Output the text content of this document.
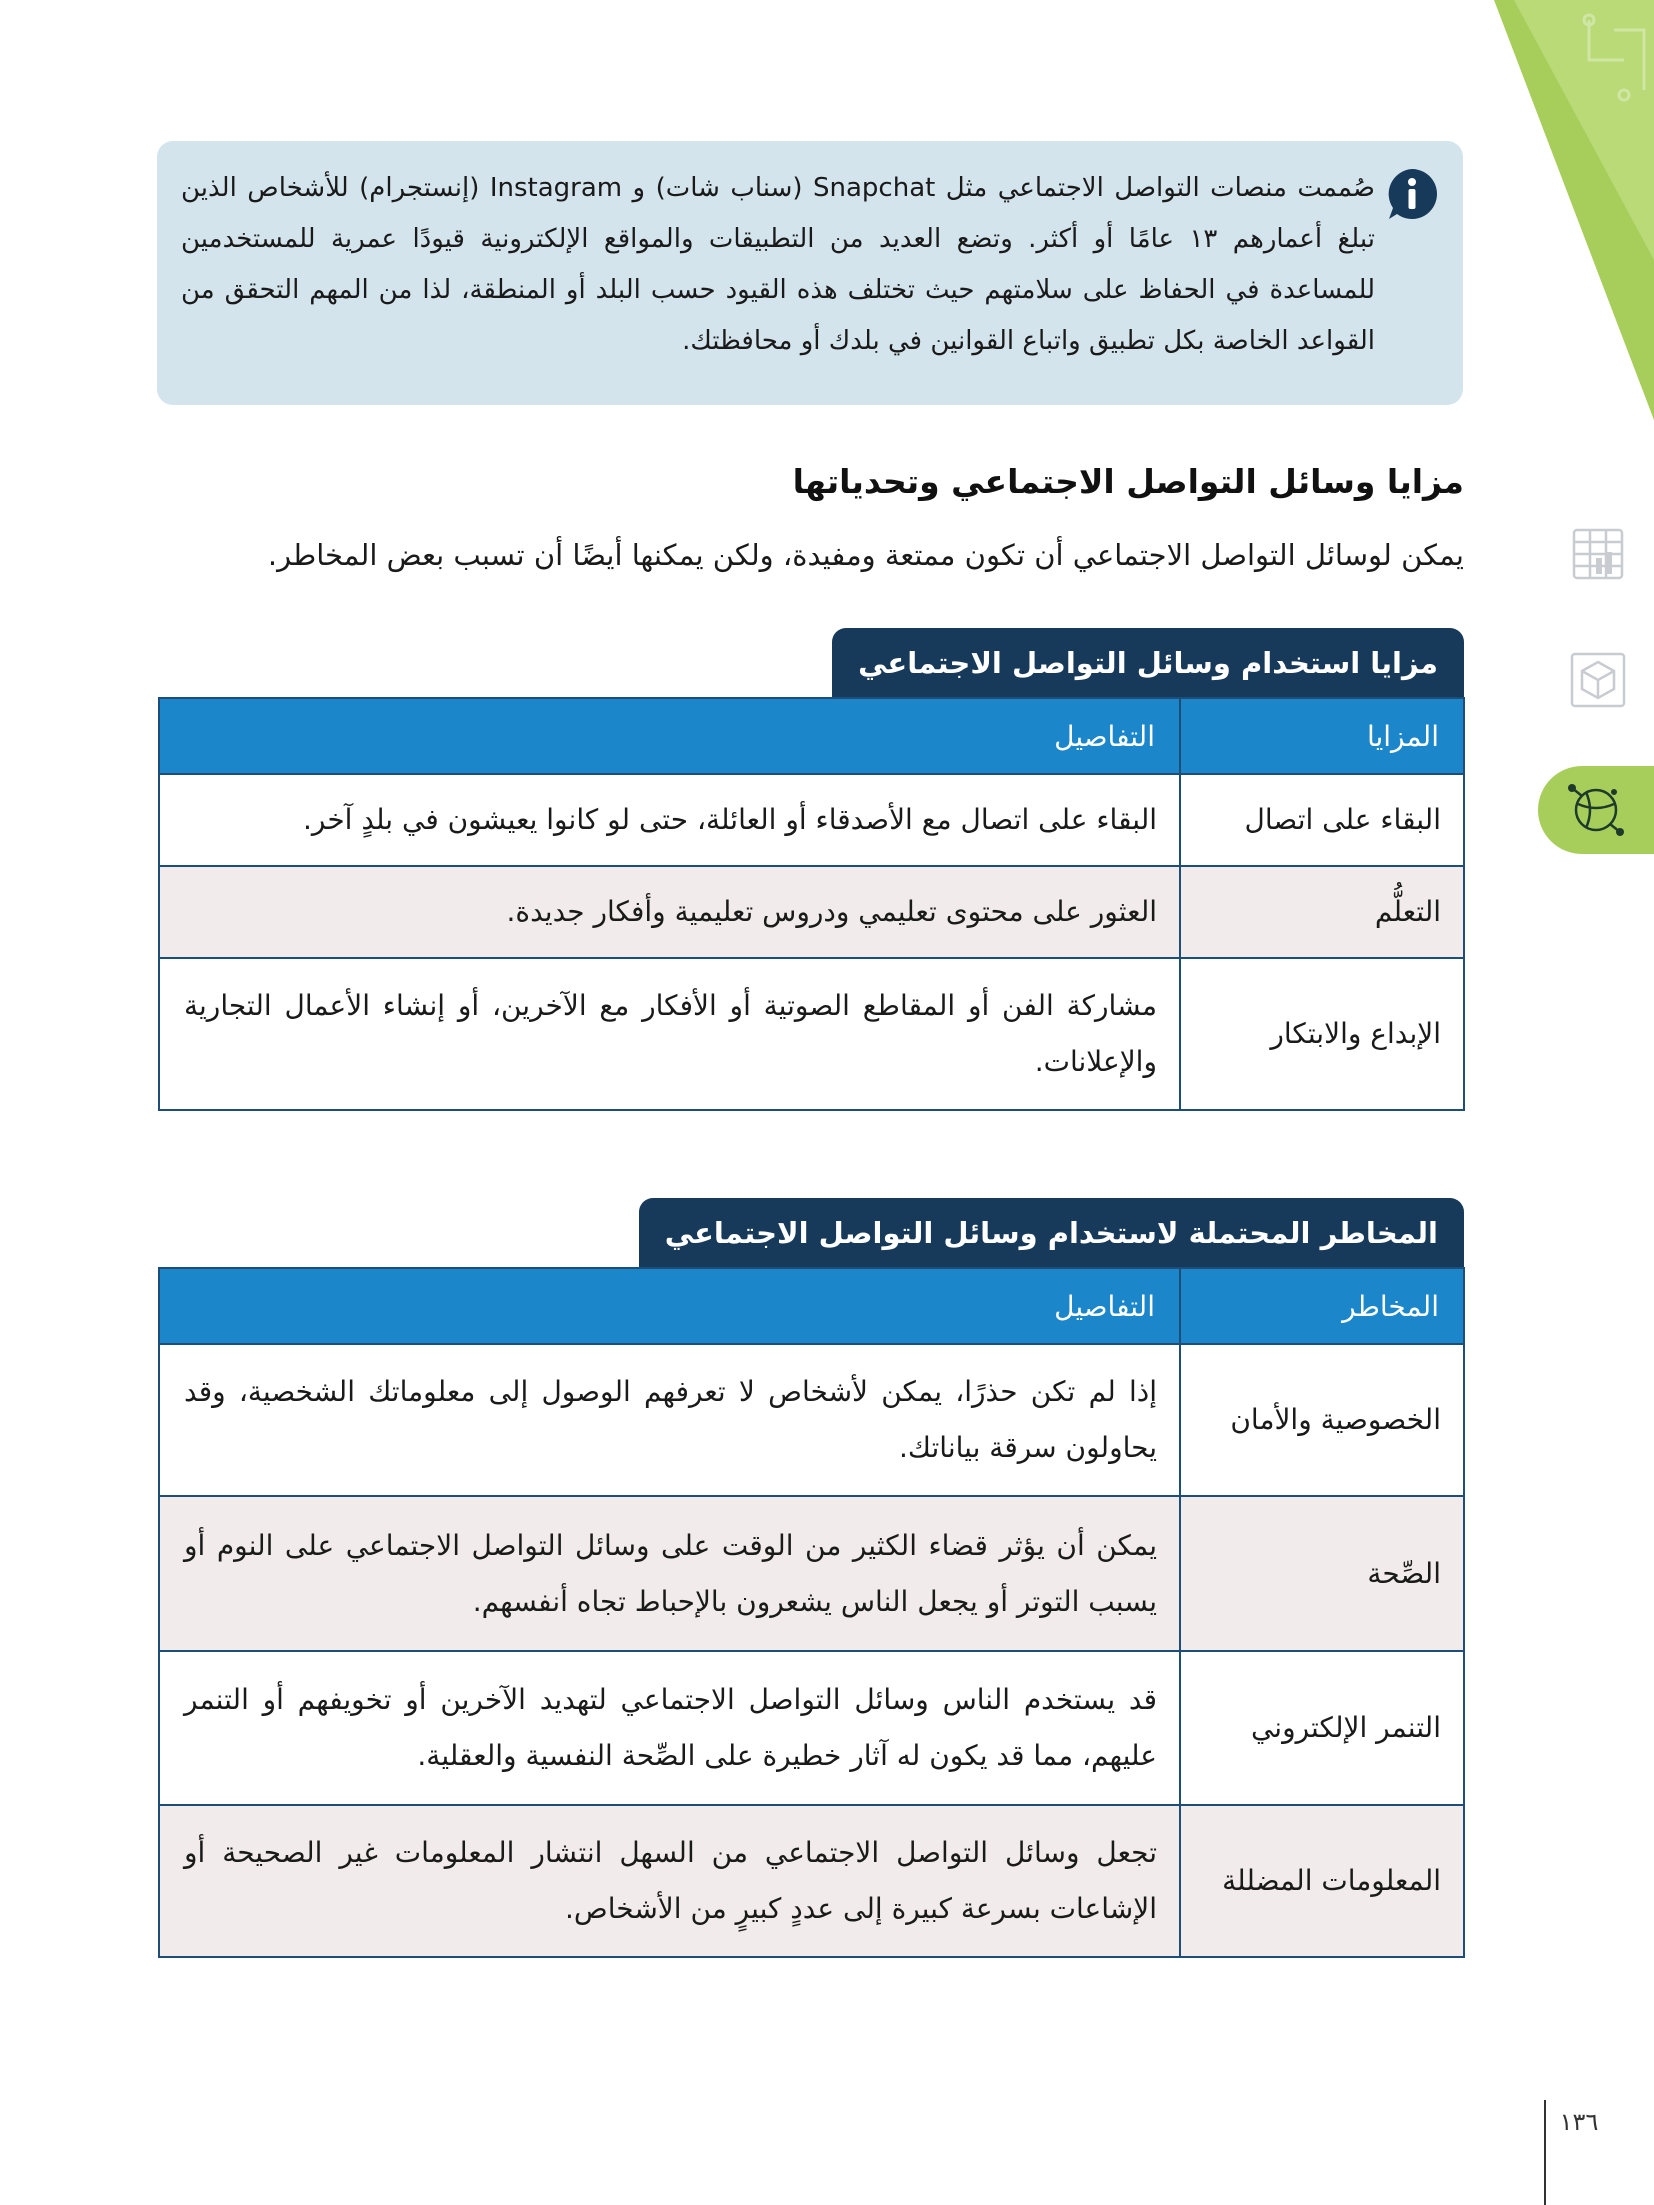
صُممت منصات التواصل الاجتماعي مثل Snapchat (سناب شات) و Instagram (إنستجرام) للأشخاص الذين تبلغ أعمارهم ١٣ عامًا أو أكثر. وتضع العديد من التطبيقات والمواقع الإلكترونية قيودًا عمرية للمستخدمين للمساعدة في الحفاظ على سلامتهم حيث تختلف هذه القيود حسب البلد أو المنطقة، لذا من المهم التحقق من القواعد الخاصة بكل تطبيق واتباع القوانين في بلدك أو محافظتك.

مزايا وسائل التواصل الاجتماعي وتحدياتها

يمكن لوسائل التواصل الاجتماعي أن تكون ممتعة ومفيدة، ولكن يمكنها أيضًا أن تسبب بعض المخاطر.

مزايا استخدام وسائل التواصل الاجتماعي
المزايا	التفاصيل
البقاء على اتصال	البقاء على اتصال مع الأصدقاء أو العائلة، حتى لو كانوا يعيشون في بلدٍ آخر.
التعلُّم	العثور على محتوى تعليمي ودروس تعليمية وأفكار جديدة.
الإبداع والابتكار	مشاركة الفن أو المقاطع الصوتية أو الأفكار مع الآخرين، أو إنشاء الأعمال التجارية والإعلانات.
المخاطر المحتملة لاستخدام وسائل التواصل الاجتماعي
المخاطر	التفاصيل
الخصوصية والأمان	إذا لم تكن حذرًا، يمكن لأشخاص لا تعرفهم الوصول إلى معلوماتك الشخصية، وقد يحاولون سرقة بياناتك.
الصِّحة	يمكن أن يؤثر قضاء الكثير من الوقت على وسائل التواصل الاجتماعي على النوم أو يسبب التوتر أو يجعل الناس يشعرون بالإحباط تجاه أنفسهم.
التنمر الإلكتروني	قد يستخدم الناس وسائل التواصل الاجتماعي لتهديد الآخرين أو تخويفهم أو التنمر عليهم، مما قد يكون له آثار خطيرة على الصِّحة النفسية والعقلية.
المعلومات المضللة	تجعل وسائل التواصل الاجتماعي من السهل انتشار المعلومات غير الصحيحة أو الإشاعات بسرعة كبيرة إلى عددٍ كبيرٍ من الأشخاص.
١٣٦
